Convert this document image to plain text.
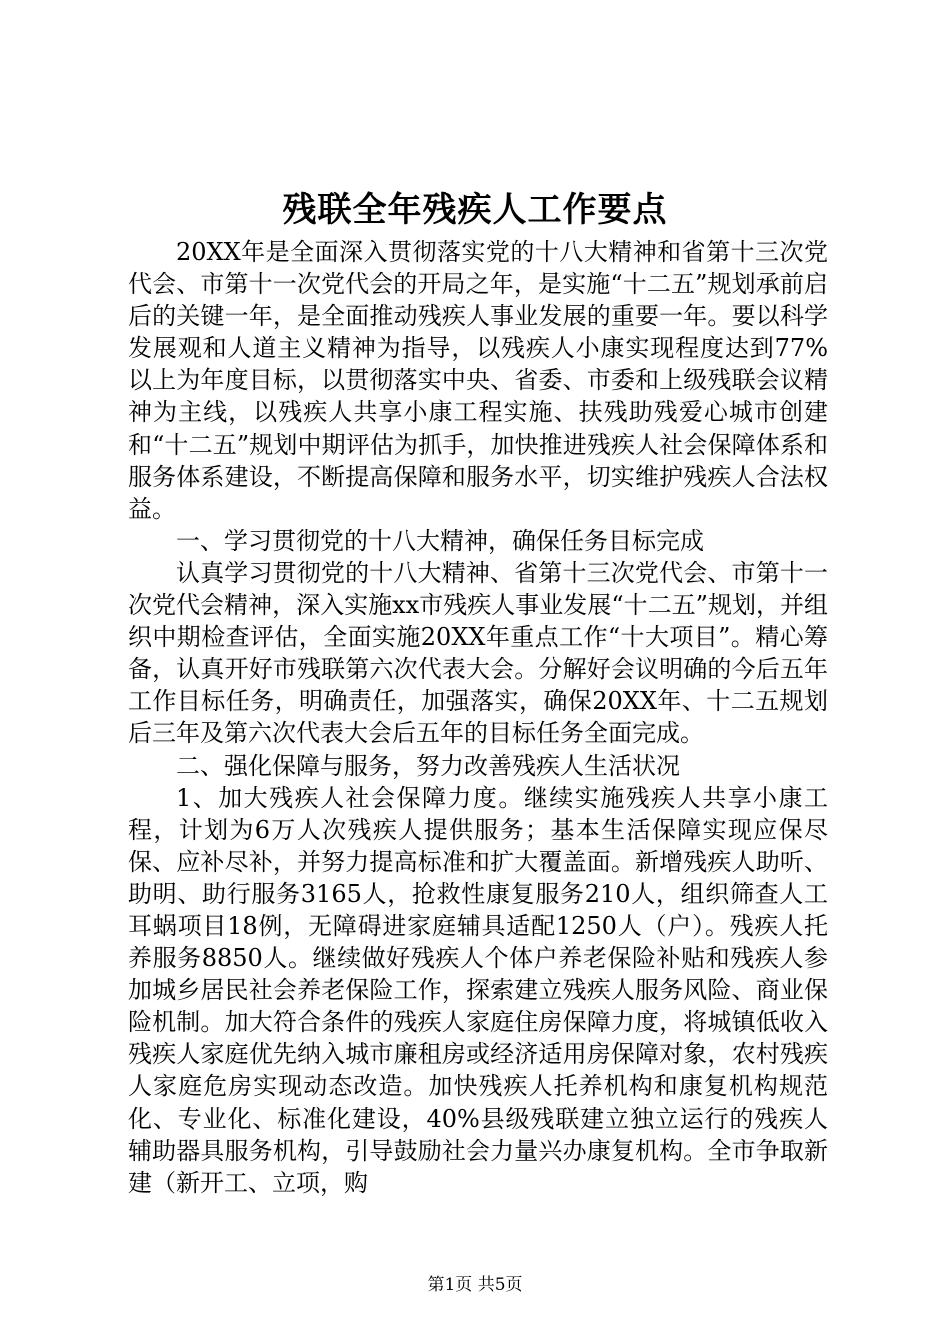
残联全年残疾人工作要点

20XX年是全面深入贯彻落实党的十八大精神和省第十三次党代会、市第十一次党代会的开局之年，是实施“十二五”规划承前启后的关键一年，是全面推动残疾人事业发展的重要一年。要以科学发展观和人道主义精神为指导，以残疾人小康实现程度达到77%以上为年度目标，以贯彻落实中央、省委、市委和上级残联会议精神为主线，以残疾人共享小康工程实施、扶残助残爱心城市创建和“十二五”规划中期评估为抓手，加快推进残疾人社会保障体系和服务体系建设，不断提高保障和服务水平，切实维护残疾人合法权益。

一、学习贯彻党的十八大精神，确保任务目标完成

认真学习贯彻党的十八大精神、省第十三次党代会、市第十一次党代会精神，深入实施xx市残疾人事业发展“十二五”规划，并组织中期检查评估，全面实施20XX年重点工作“十大项目”。精心筹备，认真开好市残联第六次代表大会。分解好会议明确的今后五年工作目标任务，明确责任，加强落实，确保20XX年、十二五规划后三年及第六次代表大会后五年的目标任务全面完成。

二、强化保障与服务，努力改善残疾人生活状况

1、加大残疾人社会保障力度。继续实施残疾人共享小康工程，计划为6万人次残疾人提供服务；基本生活保障实现应保尽保、应补尽补，并努力提高标准和扩大覆盖面。新增残疾人助听、助明、助行服务3165人，抢救性康复服务210人，组织筛查人工耳蜗项目18例，无障碍进家庭辅具适配1250人（户）。残疾人托养服务8850人。继续做好残疾人个体户养老保险补贴和残疾人参加城乡居民社会养老保险工作，探索建立残疾人服务风险、商业保险机制。加大符合条件的残疾人家庭住房保障力度，将城镇低收入残疾人家庭优先纳入城市廉租房或经济适用房保障对象，农村残疾人家庭危房实现动态改造。加快残疾人托养机构和康复机构规范化、专业化、标准化建设，40%县级残联建立独立运行的残疾人辅助器具服务机构，引导鼓励社会力量兴办康复机构。全市争取新建（新开工、立项，购

第1页 共5页
